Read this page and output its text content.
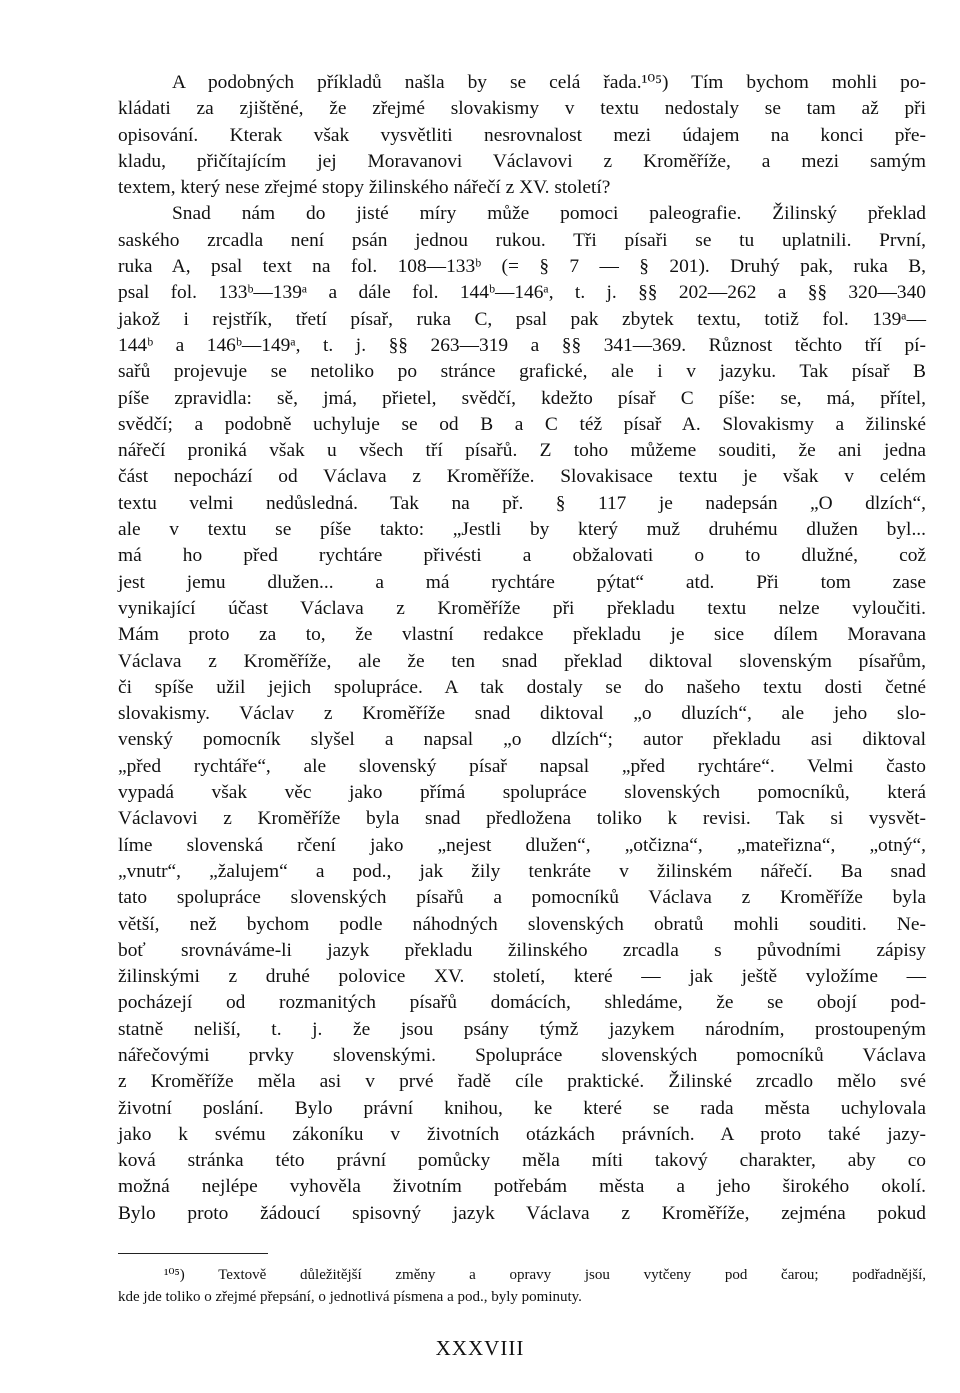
A podobných příkladů našla by se celá řada.¹⁰⁵) Tím bychom mohli po-
kládati za zjištěné, že zřejmé slovakismy v textu nedostaly se tam až při
opisování. Kterak však vysvětliti nesrovnalost mezi údajem na konci pře-
kladu, přičítajícím jej Moravanovi Václavovi z Kroměříže, a mezi samým
textem, který nese zřejmé stopy žilinského nářečí z XV. století?
Snad nám do jisté míry může pomoci paleografie. Žilinský překlad
saského zrcadla není psán jednou rukou. Tři písaři se tu uplatnili. První,
ruka A, psal text na fol. 108—133ᵇ (= § 7 — § 201). Druhý pak, ruka B,
psal fol. 133ᵇ—139ᵃ a dále fol. 144ᵇ—146ᵃ, t. j. §§ 202—262 a §§ 320—340
jakož i rejstřík, třetí písař, ruka C, psal pak zbytek textu, totiž fol. 139ᵃ—
144ᵇ a 146ᵇ—149ᵃ, t. j. §§ 263—319 a §§ 341—369. Různost těchto tří pí-
sařů projevuje se netoliko po stránce grafické, ale i v jazyku. Tak písař B
píše zpravidla: sě, jmá, přietel, svědčí, kdežto písař C píše: se, má, přítel,
svědčí; a podobně uchyluje se od B a C též písař A. Slovakismy a žilinské
nářečí proniká však u všech tří písařů. Z toho můžeme souditi, že ani jedna
část nepochází od Václava z Kroměříže. Slovakisace textu je však v celém
textu velmi nedůsledná. Tak na př. § 117 je nadepsán „O dlzích“,
ale v textu se píše takto: „Jestli by který muž druhému dlužen byl...
má ho před rychtáre přivésti a obžalovati o to dlužné, což
jest jemu dlužen... a má rychtáre pýtat“ atd. Při tom zase
vynikající účast Václava z Kroměříže při překladu textu nelze vyloučiti.
Mám proto za to, že vlastní redakce překladu je sice dílem Moravana
Václava z Kroměříže, ale že ten snad překlad diktoval slovenským písařům,
či spíše užil jejich spolupráce. A tak dostaly se do našeho textu dosti četné
slovakismy. Václav z Kroměříže snad diktoval „o dluzích“, ale jeho slo-
venský pomocník slyšel a napsal „o dlzích“; autor překladu asi diktoval
„před rychtáře“, ale slovenský písař napsal „před rychtáre“. Velmi často
vypadá však věc jako přímá spolupráce slovenských pomocníků, která
Václavovi z Kroměříže byla snad předložena toliko k revisi. Tak si vysvět-
líme slovenská rčení jako „nejest dlužen“, „otčizna“, „mateřizna“, „otný“,
„vnutr“, „žalujem“ a pod., jak žily tenkráte v žilinském nářečí. Ba snad
tato spolupráce slovenských písařů a pomocníků Václava z Kroměříže byla
větší, než bychom podle náhodných slovenských obratů mohli souditi. Ne-
boť srovnáváme-li jazyk překladu žilinského zrcadla s původními zápisy
žilinskými z druhé polovice XV. století, které — jak ještě vyložíme —
pocházejí od rozmanitých písařů domácích, shledáme, že se obojí pod-
statně neliší, t. j. že jsou psány týmž jazykem národním, prostoupeným
nářečovými prvky slovenskými. Spolupráce slovenských pomocníků Václava
z Kroměříže měla asi v prvé řadě cíle praktické. Žilinské zrcadlo mělo své
životní poslání. Bylo právní knihou, ke které se rada města uchylovala
jako k svému zákoníku v životních otázkách právních. A proto také jazy-
ková stránka této právní pomůcky měla míti takový charakter, aby co
možná nejlépe vyhověla životním potřebám města a jeho širokého okolí.
Bylo proto žádoucí spisovný jazyk Václava z Kroměříže, zejména pokud
¹⁰⁵) Textově důležitější změny a opravy jsou vytčeny pod čarou; podřadnější,
kde jde toliko o zřejmé přepsání, o jednotlivá písmena a pod., byly pominuty.
XXXVIII
